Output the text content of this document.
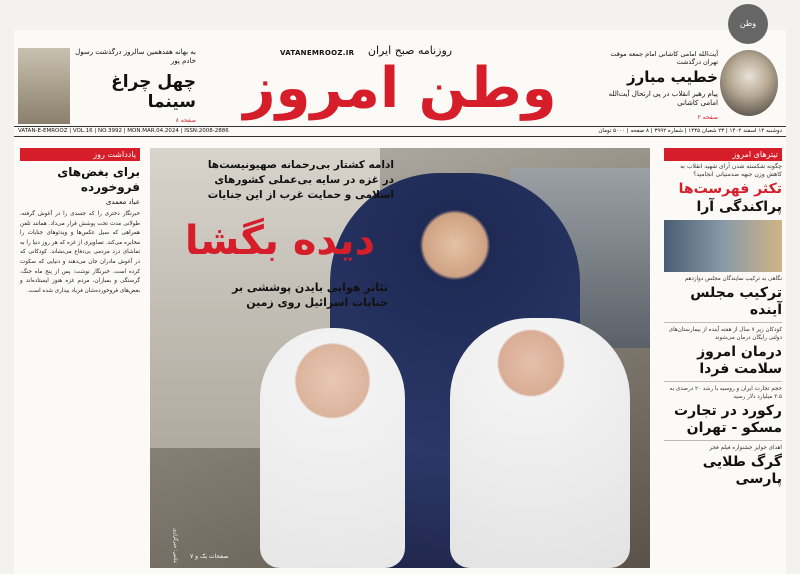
به بهانه هفدهمین سالروز درگذشت رسول خادم پور
چهل چراغ سینما
صفحه ۸
VATANEMROOZ.IR	روزنامه صبح ایران
وطن امروز
آیت‌الله امامی کاشانی امام جمعه موقت تهران درگذشت
خطیب مبارز
پیام رهبر انقلاب در پی ارتحال آیت‌الله امامی کاشانی
صفحه ۲
VATAN-E-EMROOZ | VOL.16 | NO.3992 | MON.MAR.04.2024 | ISSN:2008-2886	دوشنبه ۱۴ اسفند ۱۴۰۲ | ۲۳ شعبان ۱۴۴۵ | شماره ۳۹۹۲ | ۸ صفحه | ۵۰۰۰ تومان
یادداشت روز
برای بغض‌های فروخورده
عباد معمدی
خبرنگار دختری را که جسدی را در آغوش گرفته، طولانی مدت تحت پوشش قرار می‌داد. همانند تلفن همراهی که سیل عکس‌ها و ویدئوهای جنایات را مخابره می‌کند. تصاویری از غزه که هر روز دنیا را به تماشای درد مردمی بی‌دفاع می‌نشاند. کودکانی که در آغوش مادران جان می‌دهند و دنیایی که سکوت کرده است. خبرنگار نوشت: پس از پنج ماه جنگ، گرسنگی و بمباران، مردم غزه هنوز ایستاده‌اند و بغض‌های فروخورده‌شان فریاد بیداری شده است.
ادامه کشتار بی‌رحمانه صهیونیست‌ها در غزه در سایه بی‌عملی کشورهای اسلامی و حمایت غرب از این جنایات
دیده بگشا
تئاتر هوایی بایدن پوششی بر جنایات اسرائیل روی زمین
عکس: خبرگزاری صفحات یک و ۷
تیترهای امروز
چگونه شکسته شدن آرای شهید انقلاب به کاهش وزن جبهه ضدمنیانی انجامید؟
تکثر فهرست‌ها
پراکندگی آرا
نگاهی به ترکیب نمایندگان مجلس دوازدهم
ترکیب مجلس آینده
کودکان زیر ۷ سال از هفته آینده از بیمارستان‌های دولتی رایگان درمان می‌شوند
درمان امروز سلامت فردا
حجم تجارت ایران و روسیه با رشد ۲۰ درصدی به ۳.۵ میلیارد دلار رسید
رکورد در تجارت مسکو - تهران
اهدای جوایز جشنواره فیلم فجر
گرگ طلایی پارسی
وطن
